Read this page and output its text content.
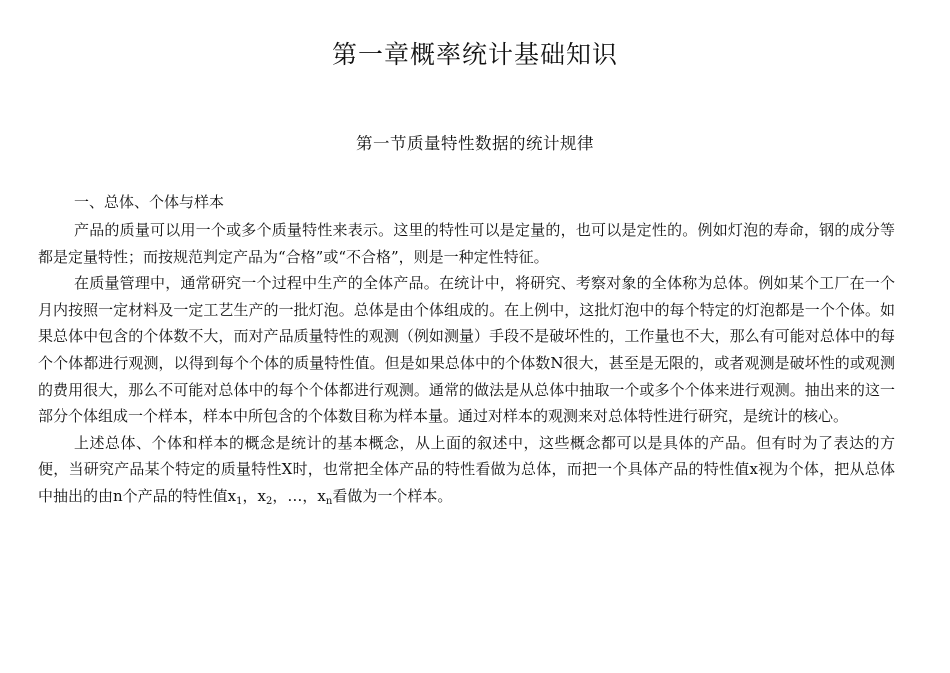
第一章概率统计基础知识
第一节质量特性数据的统计规律
一、总体、个体与样本

产品的质量可以用一个或多个质量特性来表示。这里的特性可以是定量的，也可以是定性的。例如灯泡的寿命，钢的成分等都是定量特性；而按规范判定产品为“合格”或“不合格”，则是一种定性特征。

在质量管理中，通常研究一个过程中生产的全体产品。在统计中，将研究、考察对象的全体称为总体。例如某个工厂在一个月内按照一定材料及一定工艺生产的一批灯泡。总体是由个体组成的。在上例中，这批灯泡中的每个特定的灯泡都是一个个体。如果总体中包含的个体数不大，而对产品质量特性的观测（例如测量）手段不是破坏性的，工作量也不大，那么有可能对总体中的每个个体都进行观测，以得到每个个体的质量特性值。但是如果总体中的个体数N很大，甚至是无限的，或者观测是破坏性的或观测的费用很大，那么不可能对总体中的每个个体都进行观测。通常的做法是从总体中抽取一个或多个个体来进行观测。抽出来的这一部分个体组成一个样本，样本中所包含的个体数目称为样本量。通过对样本的观测来对总体特性进行研究，是统计的核心。

上述总体、个体和样本的概念是统计的基本概念，从上面的叙述中，这些概念都可以是具体的产品。但有时为了表达的方便，当研究产品某个特定的质量特性X时，也常把全体产品的特性看做为总体，而把一个具体产品的特性值x视为个体，把从总体中抽出的由n个产品的特性值$x_1$，$x_2$，…，$x_n$看做为一个样本。
